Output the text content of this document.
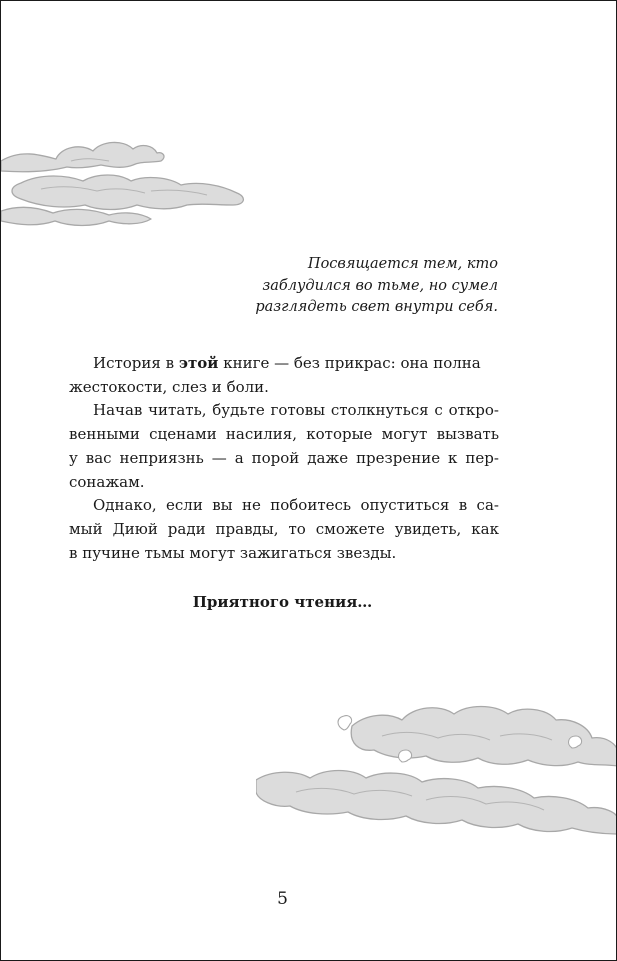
Посвящается тем, кто
заблудился во тьме, но сумел
разглядеть свет внутри себя.
История в этой книге — без прикрас: она полна
жестокости, слез и боли.
Начав читать, будьте готовы столкнуться с откро-
венными сценами насилия, которые могут вызвать
у вас неприязнь — а порой даже презрение к пер-
сонажам.
Однако, если вы не побоитесь опуститься в са-
мый Диюй ради правды, то сможете увидеть, как
в пучине тьмы могут зажигаться звезды.
Приятного чтения…
5
